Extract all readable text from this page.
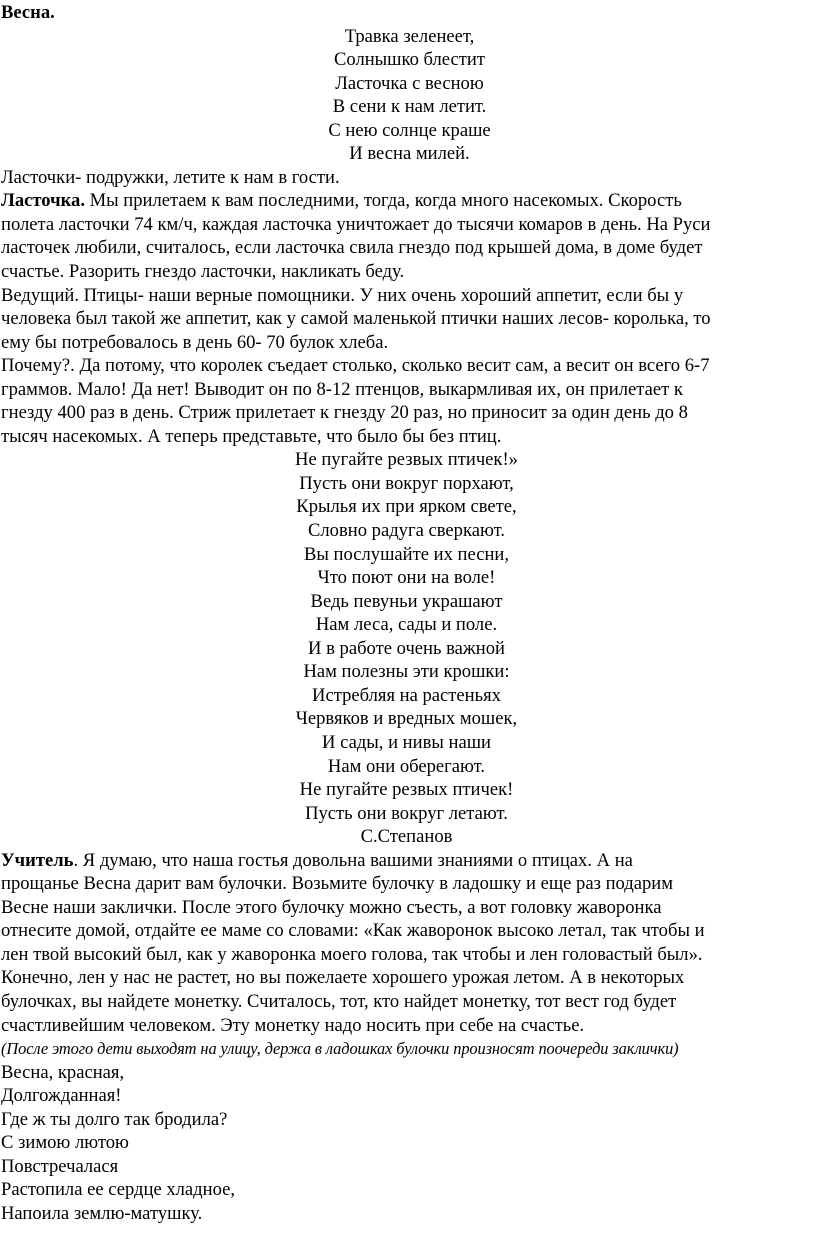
Весна.
Травка зеленеет,
Солнышко блестит
Ласточка с весною
В сени к нам летит.
С нею солнце краше
И весна милей.
Ласточки- подружки, летите к нам в гости.
Ласточка. Мы прилетаем к вам последними, тогда, когда много насекомых. Скорость
полета ласточки 74 км/ч, каждая ласточка уничтожает до тысячи комаров в день. На Руси
ласточек любили, считалось, если ласточка свила гнездо под крышей дома, в доме будет
счастье. Разорить гнездо ласточки, накликать беду.
Ведущий. Птицы- наши верные помощники. У них очень хороший аппетит, если бы у
человека был такой же аппетит, как у самой маленькой птички наших лесов- королька, то
ему бы потребовалось в день 60- 70 булок хлеба.
Почему?. Да потому, что королек съедает столько, сколько весит сам, а весит он всего 6-7
граммов. Мало! Да нет! Выводит он по 8-12 птенцов, выкармливая их, он прилетает к
гнезду 400 раз в день. Стриж прилетает к гнезду 20 раз, но приносит за один день до 8
тысяч насекомых. А теперь представьте, что было бы без птиц.
Не пугайте резвых птичек!»
Пусть они вокруг порхают,
Крылья их при ярком свете,
Словно радуга сверкают.
Вы послушайте их песни,
Что поют они на воле!
Ведь певуньи украшают
Нам леса, сады и поле.
И в работе очень важной
Нам полезны эти крошки:
Истребляя на растеньях
Червяков и вредных мошек,
И сады, и нивы наши
Нам они оберегают.
Не пугайте резвых птичек!
Пусть они вокруг летают.
С.Степанов
Учитель. Я думаю, что наша гостья довольна вашими знаниями о птицах. А на
прощанье Весна дарит вам булочки. Возьмите булочку в ладошку и еще раз подарим
Весне наши заклички. После этого булочку можно съесть, а вот головку жаворонка
отнесите домой, отдайте ее маме со словами: «Как жаворонок высоко летал, так чтобы и
лен твой высокий был, как у жаворонка моего голова, так чтобы и лен головастый был».
Конечно, лен у нас не растет, но вы пожелаете хорошего урожая летом. А в некоторых
булочках, вы найдете монетку. Считалось, тот, кто найдет монетку, тот вест год будет
счастливейшим человеком. Эту монетку надо носить при себе на счастье.
(После этого дети выходят на улицу, держа в ладошках булочки произносят поочереди заклички)
Весна, красная,
Долгожданная!
Где ж ты долго так бродила?
С зимою лютою
Повстречалася
Растопила ее сердце хладное,
Напоила землю-матушку.
